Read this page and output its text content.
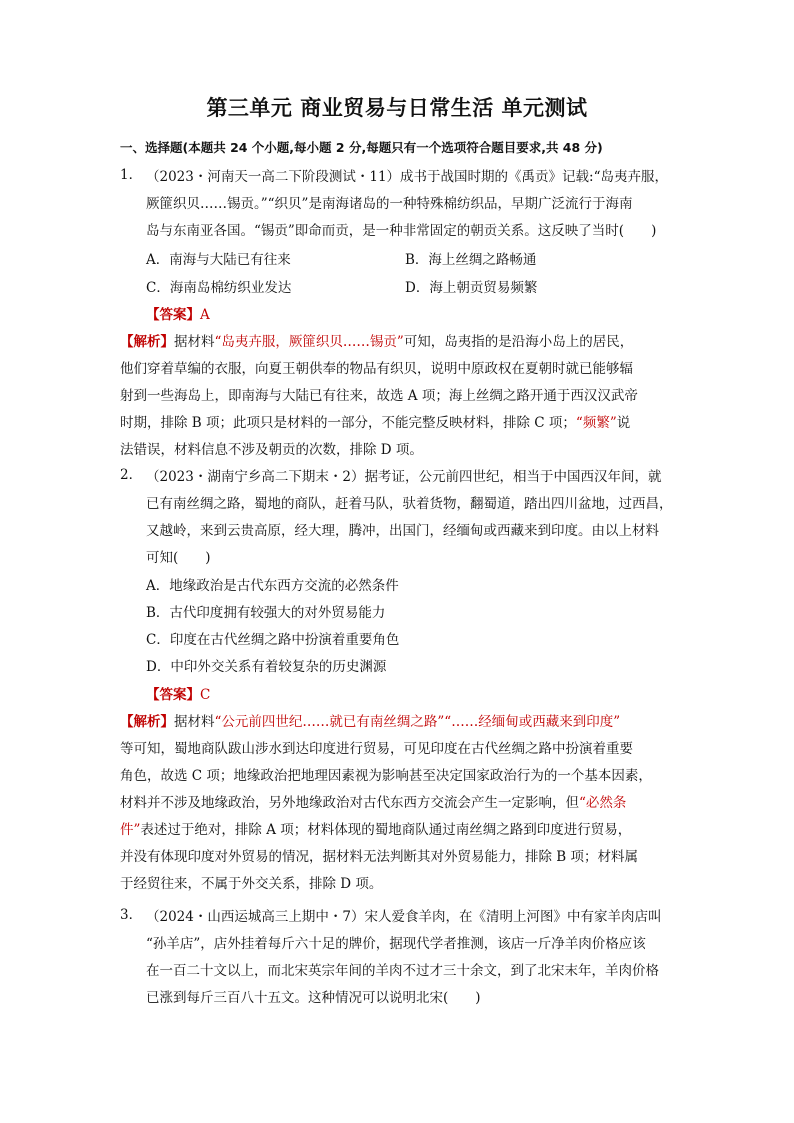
第三单元 商业贸易与日常生活 单元测试
一、选择题(本题共 24 个小题,每小题 2 分,每题只有一个选项符合题目要求,共 48 分)
1． （2023・河南天一高二下阶段测试・11）成书于战国时期的《禹贡》记载:“岛夷卉服，
厥篚织贝……锡贡。”“织贝”是南海诸岛的一种特殊棉纺织品，早期广泛流行于海南
岛与东南亚各国。“锡贡”即命而贡，是一种非常固定的朝贡关系。这反映了当时(　　)
A．南海与大陆已有往来	B．海上丝绸之路畅通
C．海南岛棉纺织业发达	D．海上朝贡贸易频繁
【答案】A
【解析】据材料“岛夷卉服，厥篚织贝……锡贡”可知，岛夷指的是沿海小岛上的居民，
他们穿着草编的衣服，向夏王朝供奉的物品有织贝，说明中原政权在夏朝时就已能够辐
射到一些海岛上，即南海与大陆已有往来，故选 A 项；海上丝绸之路开通于西汉汉武帝
时期，排除 B 项；此项只是材料的一部分，不能完整反映材料，排除 C 项；“频繁”说
法错误，材料信息不涉及朝贡的次数，排除 D 项。
2． （2023・湖南宁乡高二下期末・2）据考证，公元前四世纪，相当于中国西汉年间，就
已有南丝绸之路，蜀地的商队，赶着马队，驮着货物，翻蜀道，踏出四川盆地，过西昌，
又越岭，来到云贵高原，经大理，腾冲，出国门，经缅甸或西藏来到印度。由以上材料
可知(　　)
A．地缘政治是古代东西方交流的必然条件
B．古代印度拥有较强大的对外贸易能力
C．印度在古代丝绸之路中扮演着重要角色
D．中印外交关系有着较复杂的历史渊源
【答案】C
【解析】据材料“公元前四世纪……就已有南丝绸之路”“……经缅甸或西藏来到印度”
等可知，蜀地商队跋山涉水到达印度进行贸易，可见印度在古代丝绸之路中扮演着重要
角色，故选 C 项；地缘政治把地理因素视为影响甚至决定国家政治行为的一个基本因素，
材料并不涉及地缘政治，另外地缘政治对古代东西方交流会产生一定影响，但“必然条
件”表述过于绝对，排除 A 项；材料体现的蜀地商队通过南丝绸之路到印度进行贸易，
并没有体现印度对外贸易的情况，据材料无法判断其对外贸易能力，排除 B 项；材料属
于经贸往来，不属于外交关系，排除 D 项。
3． （2024・山西运城高三上期中・7）宋人爱食羊肉，在《清明上河图》中有家羊肉店叫
“孙羊店”，店外挂着每斤六十足的牌价，据现代学者推测，该店一斤净羊肉价格应该
在一百二十文以上，而北宋英宗年间的羊肉不过才三十余文，到了北宋末年，羊肉价格
已涨到每斤三百八十五文。这种情况可以说明北宋(　　)
